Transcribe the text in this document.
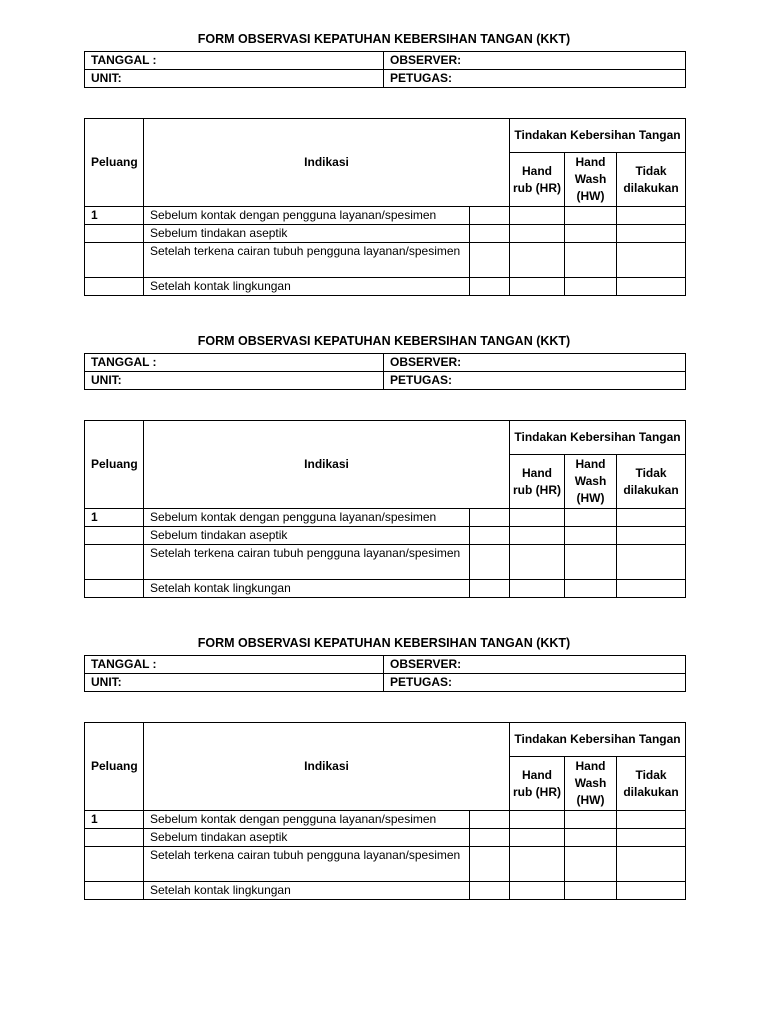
FORM OBSERVASI KEPATUHAN KEBERSIHAN TANGAN (KKT)
TANGGAL :	OBSERVER:
UNIT:	PETUGAS:
Peluang	Indikasi		Tindakan Kebersihan Tangan		
			Hand rub (HR)	Hand Wash (HW)	Tidak dilakukan
1	Sebelum kontak dengan pengguna layanan/spesimen				
	Sebelum tindakan aseptik				
	Setelah terkena cairan tubuh pengguna layanan/spesimen				
	Setelah kontak lingkungan				
FORM OBSERVASI KEPATUHAN KEBERSIHAN TANGAN (KKT)
TANGGAL :	OBSERVER:
UNIT:	PETUGAS:
Peluang	Indikasi		Tindakan Kebersihan Tangan		
			Hand rub (HR)	Hand Wash (HW)	Tidak dilakukan
1	Sebelum kontak dengan pengguna layanan/spesimen				
	Sebelum tindakan aseptik				
	Setelah terkena cairan tubuh pengguna layanan/spesimen				
	Setelah kontak lingkungan				
FORM OBSERVASI KEPATUHAN KEBERSIHAN TANGAN (KKT)
TANGGAL :	OBSERVER:
UNIT:	PETUGAS:
Peluang	Indikasi		Tindakan Kebersihan Tangan		
			Hand rub (HR)	Hand Wash (HW)	Tidak dilakukan
1	Sebelum kontak dengan pengguna layanan/spesimen				
	Sebelum tindakan aseptik				
	Setelah terkena cairan tubuh pengguna layanan/spesimen				
	Setelah kontak lingkungan				
